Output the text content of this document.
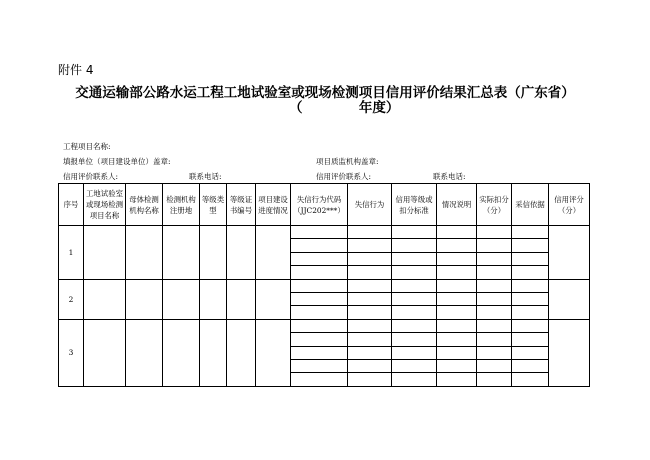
附件 4
交通运输部公路水运工程工地试验室或现场检测项目信用评价结果汇总表（广东省）
（            年度）
工程项目名称:
填报单位（项目建设单位）盖章:	项目质监机构盖章:
信用评价联系人:	联系电话:	信用评价联系人:	联系电话:
序号	工地试验室或现场检测项目名称	母体检测机构名称	检测机构注册地	等级类型	等级证书编号	项目建设进度情况	失信行为代码（JJC202***）	失信行为	信用等级或扣分标准	情况说明	实际扣分（分）	采信依据	信用评分（分）
1													

2													

3													
